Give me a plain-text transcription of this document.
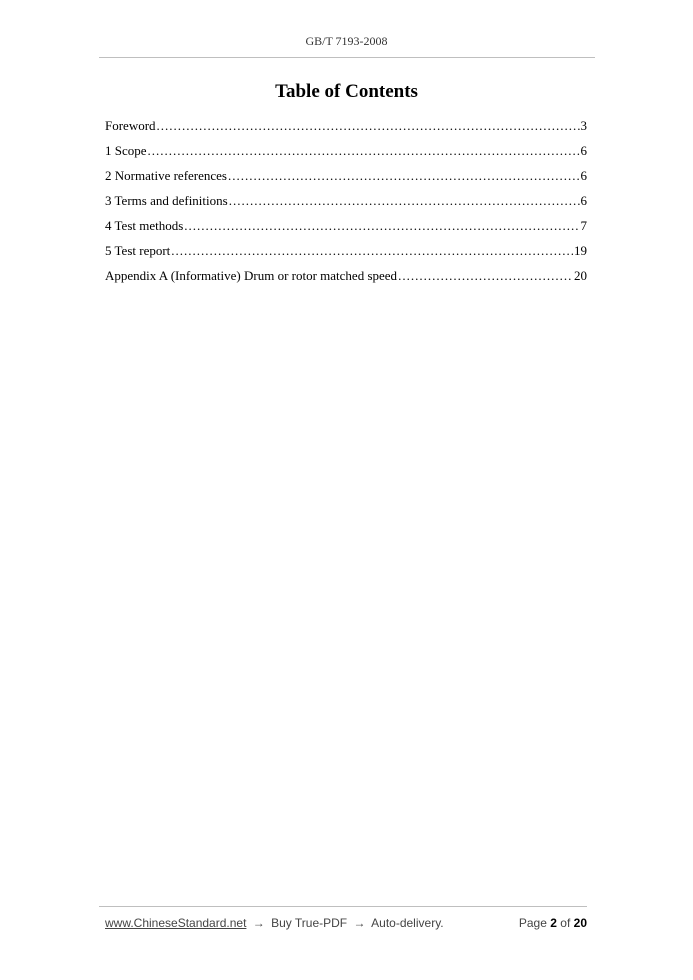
GB/T 7193-2008
Table of Contents
Foreword .....	3
1 Scope .....	6
2 Normative references .....	6
3 Terms and definitions .....	6
4 Test methods .....	7
5 Test report .....	19
Appendix A (Informative) Drum or rotor matched speed .....	20
www.ChineseStandard.net → Buy True-PDF → Auto-delivery.	Page 2 of 20
